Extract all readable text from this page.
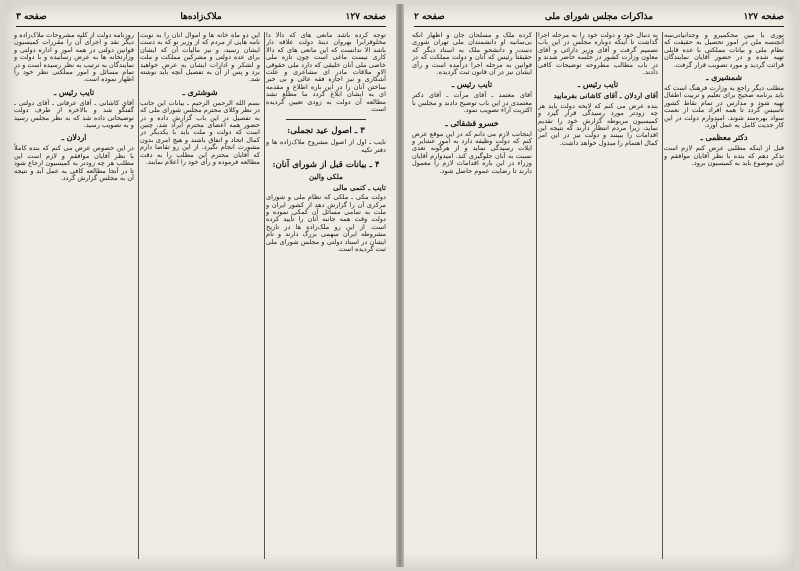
صفحه ۱۲۷
ملاک‌زاده‌ها
صفحه ۳

توجه کرده باشد مانعی های که دالا دا مخلوقرابرا بهروان دینهٔ دولت علاقه دار باشد الا ندانست که این مانعی های که دالا کاری نیست ماغی است چون تازه ملی خاصی ملی آنان خلیقی که دارد ملی حقوقی الاو ملاقات مادر ای مشاعری و علت آشکاری و نیز اجازه فقه عالی و بی خبر ساختن آنان را در این باره اطلاع و مقدمه ای به ایشان ابلاغ گردد ما مطلع نشد مطالعه آن دولت به زودی تعیین گردیده است.

۳ ـ اصول عید تجملی:

نایب ـ اول از اصول مشروح ملاک‌زاده ها و دفتر تکیه

۴ ـ بیانات قبل از شورای آنان:

ملکی والین

تایب ـ کنمی مالی

دولت مکی ـ ملکی که نظام ملی و شورای مرکزی آن را گزارش دهد از کشور ایران و ملت به تمامی مسائل آن کمکی نموده و دولت وقت همه جانبه آنان را تأیید کرده است. از این رو ملک‌زاده ها در تاریخ مشروطه ایران سهمی بزرگ دارند و نام ایشان در اسناد دولتی و مجلس شورای ملی ثبت گردیده است.

این دو ماه خانه ها و اموال آنان را به نوبت نامه هایی از مردم که از وزیر نو که به دست ایشان رسید، و نیز مالیات آن که ایشان برای عده دولتی و مشرکین مملکت و ملت و لشکر و ادارات ایشان به عرض خواهید برد و پس از آن به تفصیل آنچه باید نوشته شد.

شوشتری ـ

بسم الله الرحمن الرحیم ـ بیانات این جانب در نظر وکلای محترم مجلس شورای ملی که به تفصیل در این باب گزارش داده و در حضور همه اعضای محترم ایراد شد، چنین است که دولت و ملت باید با یکدیگر در کمال اتحاد و اتفاق باشند و هیچ امری بدون مشورت انجام نگیرد. از این رو تقاضا دارم که آقایان محترم این مطلب را به دقت مطالعه فرموده و رأی خود را اعلام نمایند.

روزنامه دولت از کلیه مشروحات ملاک‌زاده و دیگر نقد و اجرای آن را مقررات کمیسیون قوانین دولتی در همه امور و اداره دولتی و وزارتخانه ها به عرض رسانیده و با دولت و نمایندگان به ترتیب به نظر رسیده است و در تمام مسائل و امور مملکتی نظر خود را اظهار نموده است.

تایب رئیس ـ

آقای کاشانی ـ آقای عرفانی ـ آقای دولتی ـ گفتگو شد و بالاخره از طرف دولت توضیحاتی داده شد که به نظر مجلس رسید و به تصویب رسید.

اردلان ـ

در این خصوص عرض می کنم که بنده کاملاً با نظر آقایان موافقم و لازم است این مطلب هر چه زودتر به کمیسیون ارجاع شود تا در آنجا مطالعه کافی به عمل آید و نتیجه آن به مجلس گزارش گردد.

صفحه ۱۲۷
مذاکرات مجلس شورای ملی
صفحه ۲

کرده ملک و مسلحان جان و اظهار آنکه بی‌سانیه او دانشمندان ملی تهران شوری دست و دانشجو ملک به اسناد دیگر که حقیقتاً رئیس که آنان و دولت مملکت که در قوانین به مرحله اجرا درآمده است و رأی ایشان نیز در آن قانون ثبت گردیده.

تایب رئیس ـ

آقای معتمد ـ آقای مرآت ـ آقای دکتر معتمدی در این باب توضیح دادند و مجلس با اکثریت آراء تصویب نمود.

خسرو قشقائی ـ

اینجانب لازم می دانم که در این موقع عرض کنم که دولت وظیفه دارد به امور عشایر و ایلات رسیدگی نماید و از هرگونه تعدی نسبت به آنان جلوگیری کند. امیدوارم آقایان وزراء در این باره اقدامات لازم را معمول دارند تا رضایت عموم حاصل شود.

به دنبال خود و دولت خود را به مرحله اجرا گذاشت تا اینکه دوباره مجلس در این باب تصمیم گرفت و آقای وزیر دارائی و آقای معاون وزارت کشور در جلسه حاضر شدند و در باب مطالب مطروحه توضیحات کافی دادند.

تایب رئیس ـ

آقای اردلان ـ آقای کاشانی بفرمایید

بنده عرض می کنم که لایحه دولت باید هر چه زودتر مورد رسیدگی قرار گیرد و کمیسیون مربوطه گزارش خود را تقدیم نماید، زیرا مردم انتظار دارند که نتیجه این اقدامات را ببینند و دولت نیز در این امر کمال اهتمام را مبذول خواهد داشت.

نوری با مین محکمیرو و وجدانیاتی‌سه آنچنسه ملن در امور تحصیل به حقیقت که نظام ملی و بیانات مملکتی با عده قابلی تهیه شده و در حضور آقایان نمایندگان قرائت گردید و مورد تصویب قرار گرفت.

شمشیری ـ

مطلب دیگر راجع به وزارت فرهنگ است که باید برنامه صحیح برای تعلیم و تربیت اطفال تهیه شود و مدارس در تمام نقاط کشور تأسیس گردد تا همه افراد ملت از نعمت سواد بهره‌مند شوند. امیدوارم دولت در این کار جدیت کامل به عمل آورد.

دکتر معظمی ـ

قبل از اینکه مطلبی عرض کنم لازم است تذکر دهم که بنده با نظر آقایان موافقم و این موضوع باید به کمیسیون برود.
